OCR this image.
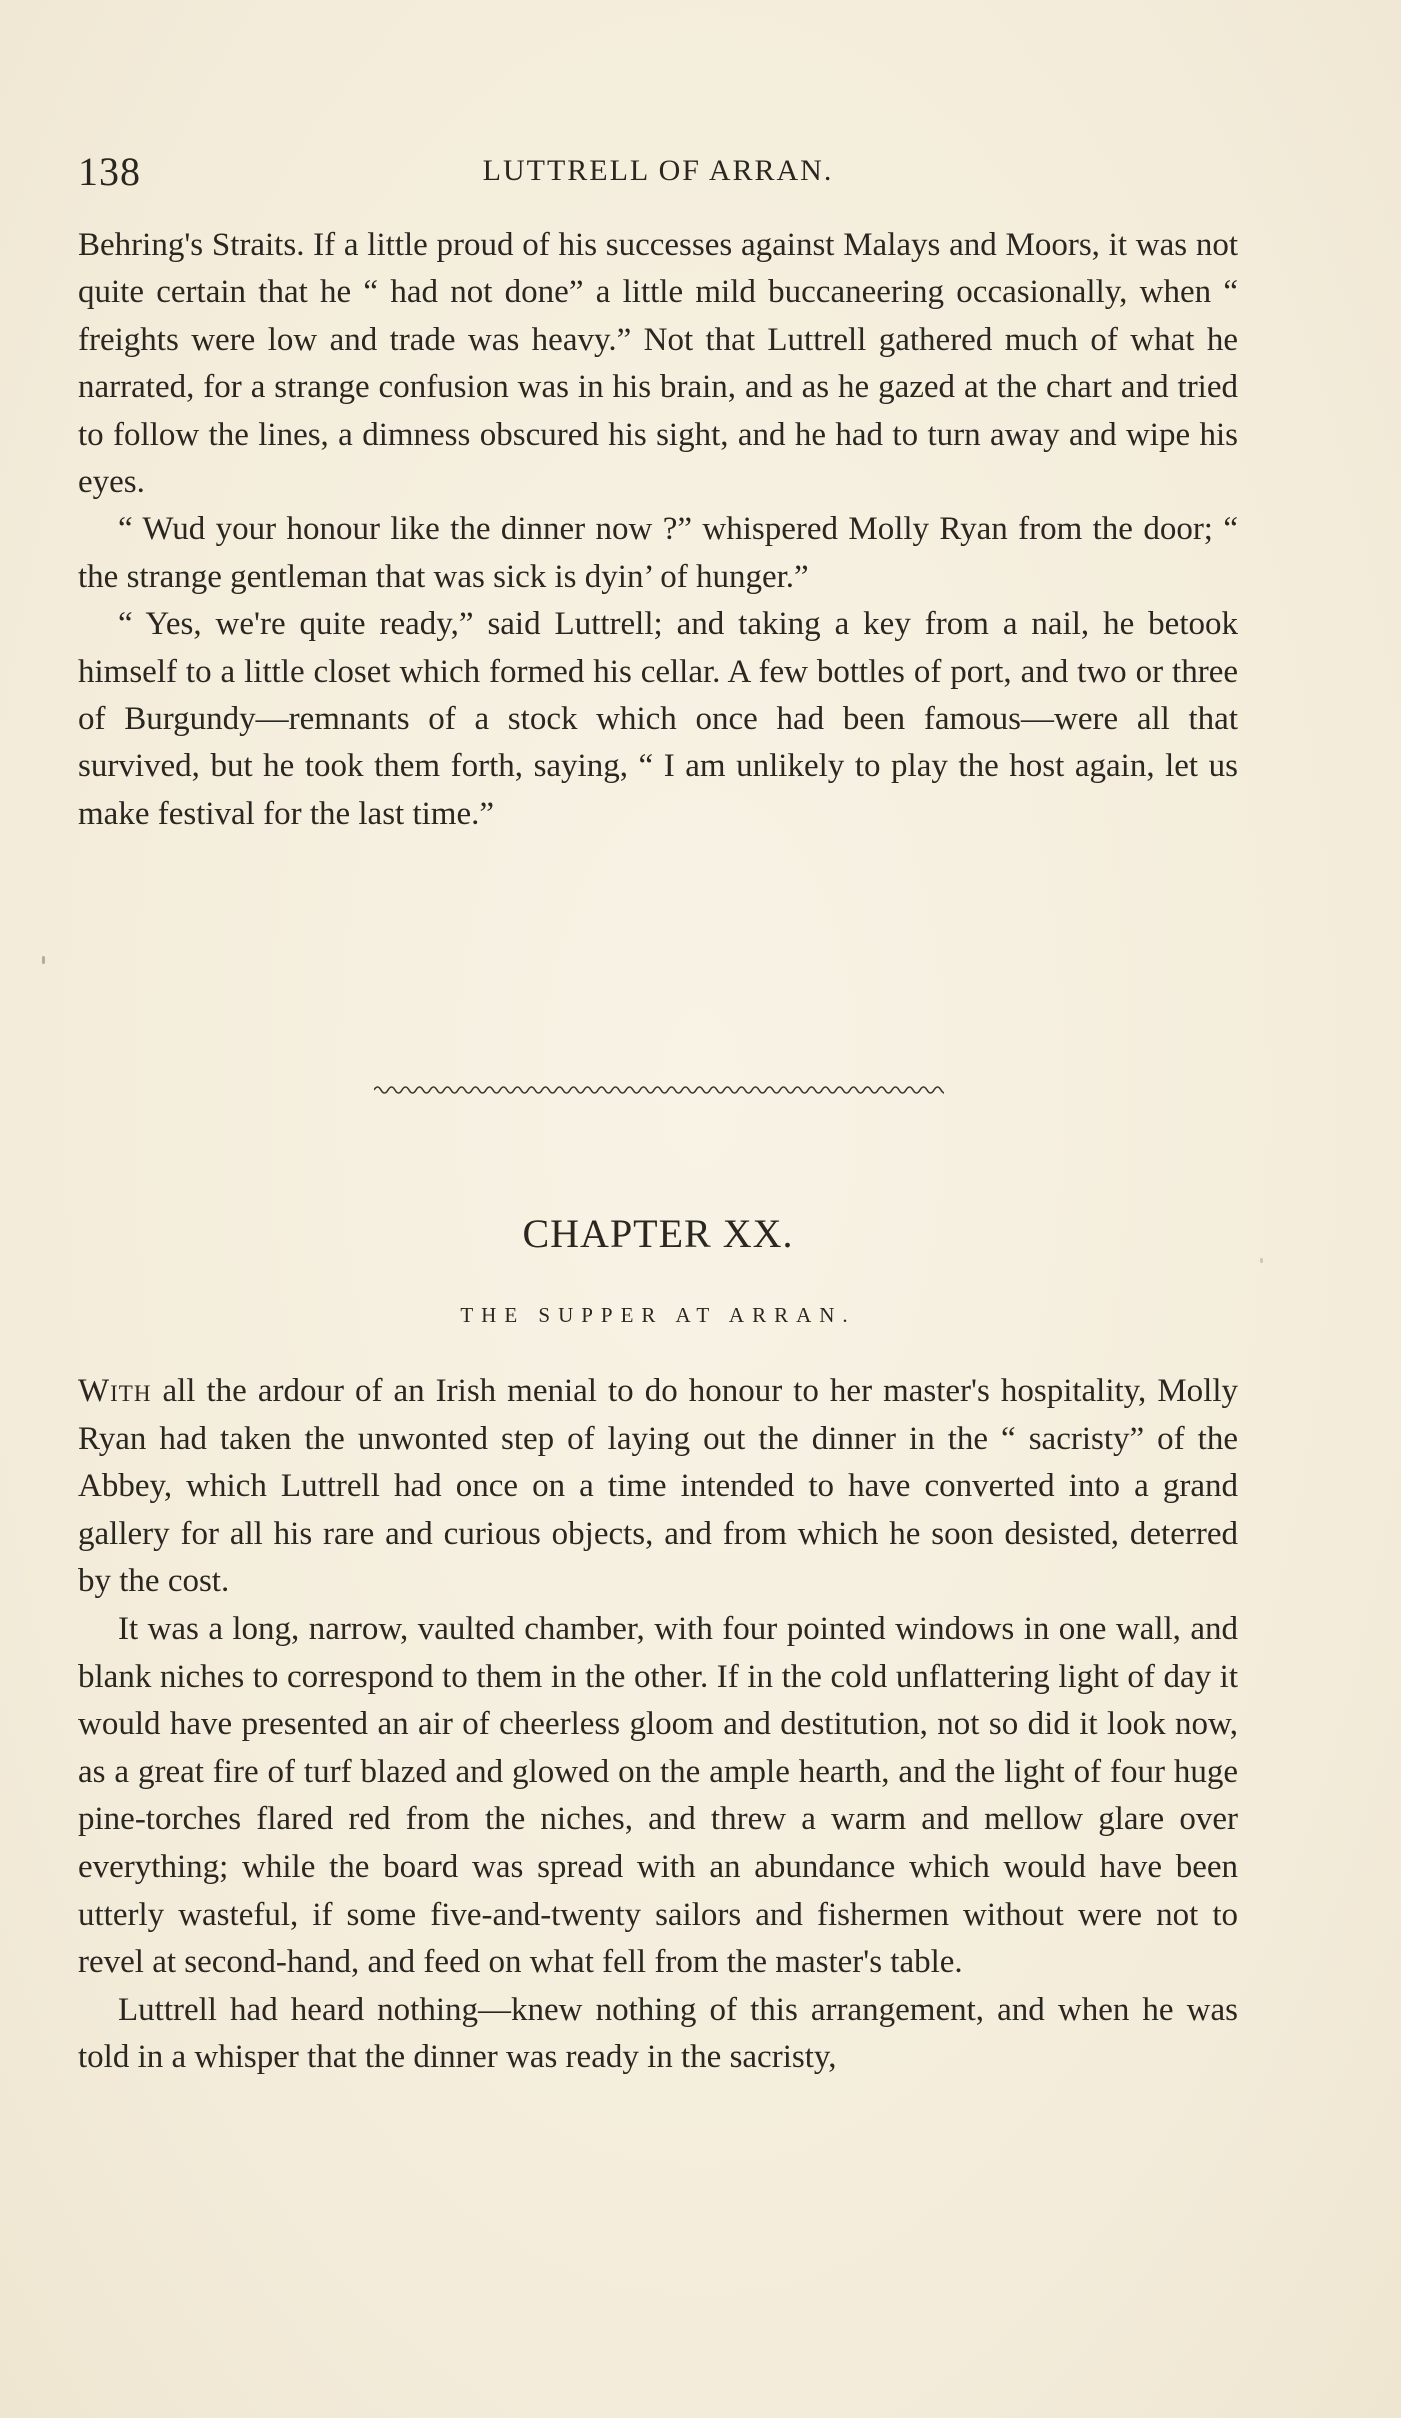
138	LUTTRELL OF ARRAN.

Behring's Straits. If a little proud of his successes against Malays and Moors, it was not quite certain that he “ had not done” a little mild buccaneering occasionally, when “ freights were low and trade was heavy.” Not that Luttrell gathered much of what he narrated, for a strange confusion was in his brain, and as he gazed at the chart and tried to follow the lines, a dimness obscured his sight, and he had to turn away and wipe his eyes.

“ Wud your honour like the dinner now ?” whispered Molly Ryan from the door; “ the strange gentleman that was sick is dyin’ of hunger.”

“ Yes, we're quite ready,” said Luttrell; and taking a key from a nail, he betook himself to a little closet which formed his cellar. A few bottles of port, and two or three of Burgundy—remnants of a stock which once had been famous—were all that survived, but he took them forth, saying, “ I am unlikely to play the host again, let us make festival for the last time.”

CHAPTER XX.
THE SUPPER AT ARRAN.

With all the ardour of an Irish menial to do honour to her master's hospitality, Molly Ryan had taken the unwonted step of laying out the dinner in the “ sacristy” of the Abbey, which Luttrell had once on a time intended to have converted into a grand gallery for all his rare and curious objects, and from which he soon desisted, deterred by the cost.

It was a long, narrow, vaulted chamber, with four pointed windows in one wall, and blank niches to correspond to them in the other. If in the cold unflattering light of day it would have presented an air of cheerless gloom and destitution, not so did it look now, as a great fire of turf blazed and glowed on the ample hearth, and the light of four huge pine-torches flared red from the niches, and threw a warm and mellow glare over everything; while the board was spread with an abundance which would have been utterly wasteful, if some five-and-twenty sailors and fishermen without were not to revel at second-hand, and feed on what fell from the master's table.

Luttrell had heard nothing—knew nothing of this arrangement, and when he was told in a whisper that the dinner was ready in the sacristy,
